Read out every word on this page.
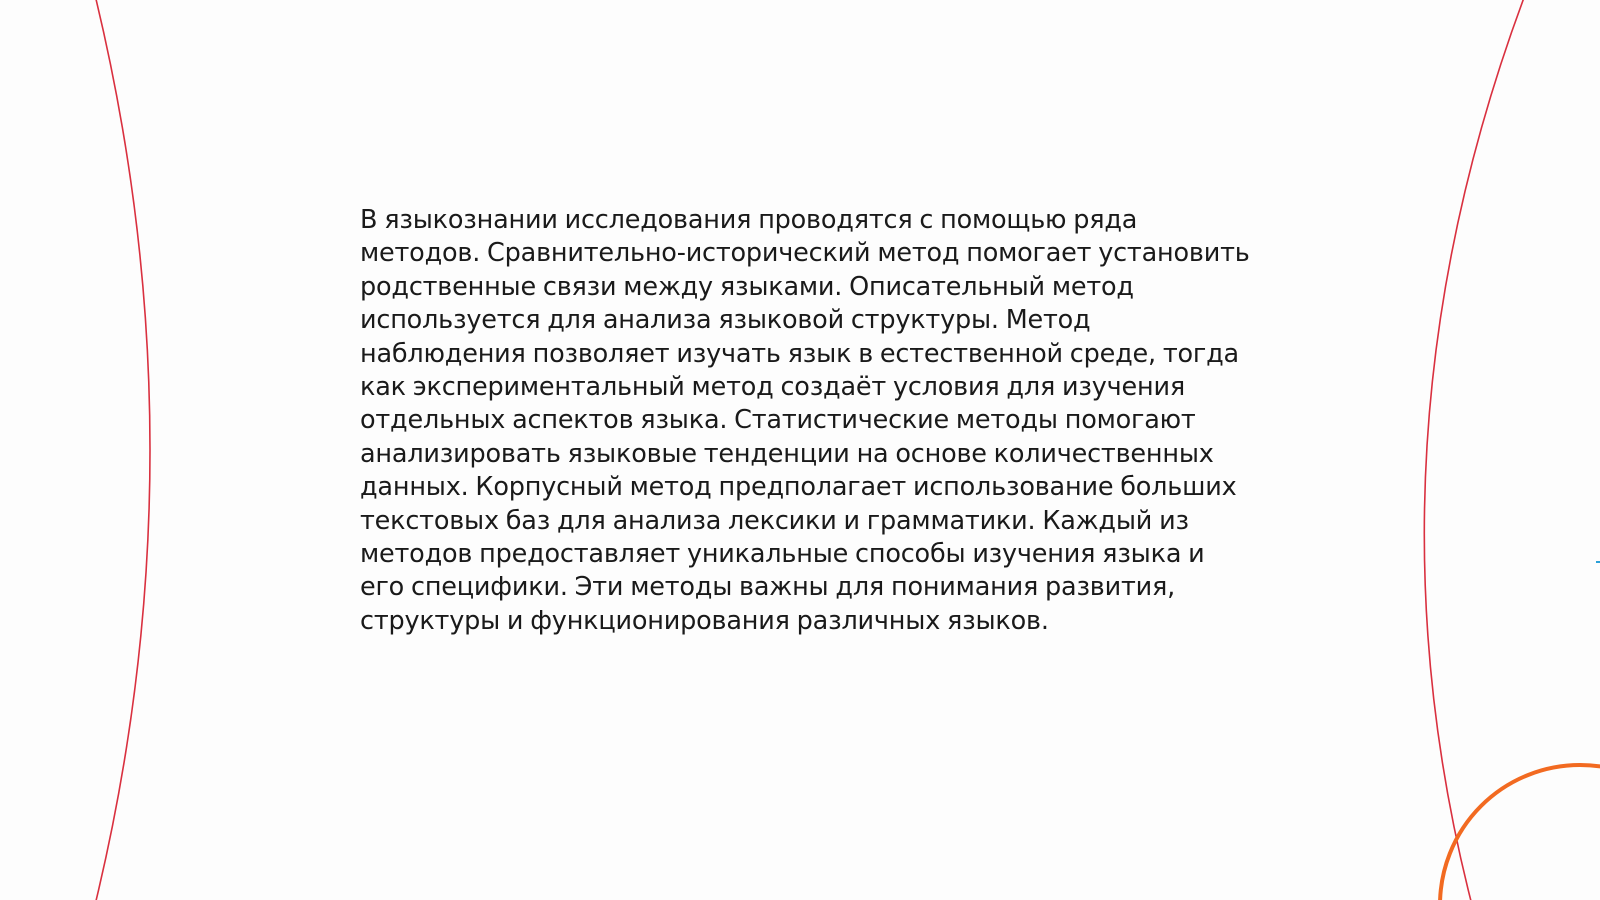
В языкознании исследования проводятся с помощью ряда методов. Сравнительно-исторический метод помогает установить родственные связи между языками. Описательный метод используется для анализа языковой структуры. Метод наблюдения позволяет изучать язык в естественной среде, тогда как экспериментальный метод создаёт условия для изучения отдельных аспектов языка. Статистические методы помогают анализировать языковые тенденции на основе количественных данных. Корпусный метод предполагает использование больших текстовых баз для анализа лексики и грамматики. Каждый из методов предоставляет уникальные способы изучения языка и его специфики. Эти методы важны для понимания развития, структуры и функционирования различных языков.
